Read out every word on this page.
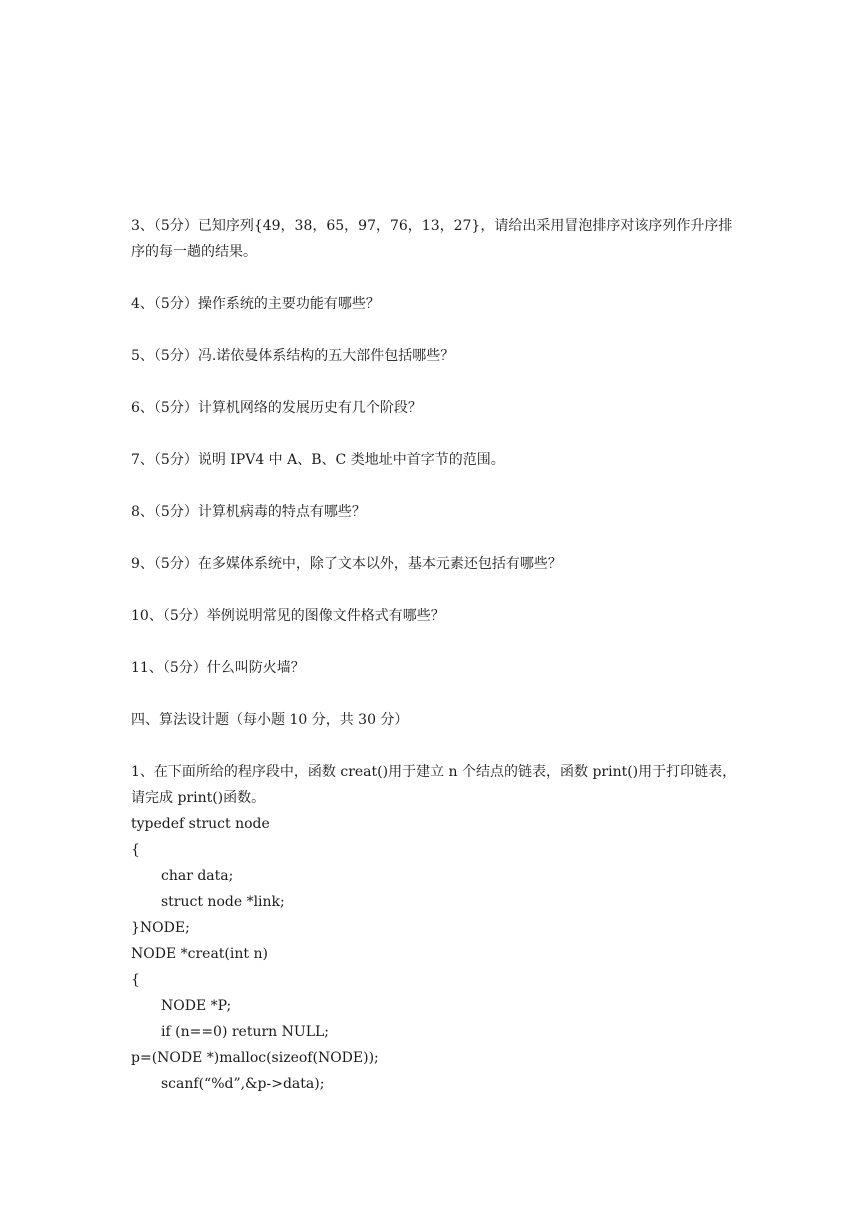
3、（5分）已知序列{49，38，65，97，76，13，27}，请给出采用冒泡排序对该序列作升序排序的每一趟的结果。

4、（5分）操作系统的主要功能有哪些？

5、（5分）冯.诺依曼体系结构的五大部件包括哪些？

6、（5分）计算机网络的发展历史有几个阶段？

7、（5分）说明 IPV4 中 A、B、C 类地址中首字节的范围。

8、（5分）计算机病毒的特点有哪些？

9、（5分）在多媒体系统中，除了文本以外，基本元素还包括有哪些？

10、（5分）举例说明常见的图像文件格式有哪些？

11、（5分）什么叫防火墙？

四、算法设计题（每小题 10 分，共 30 分）

1、在下面所给的程序段中，函数 creat()用于建立 n 个结点的链表，函数 print()用于打印链表，请完成 print()函数。

typedef struct node
{
char data;
struct node *link;
}NODE;
NODE *creat(int n)
{
NODE *P;
if (n==0) return NULL;
p=(NODE *)malloc(sizeof(NODE));
scanf(“%d”,&p->data);
